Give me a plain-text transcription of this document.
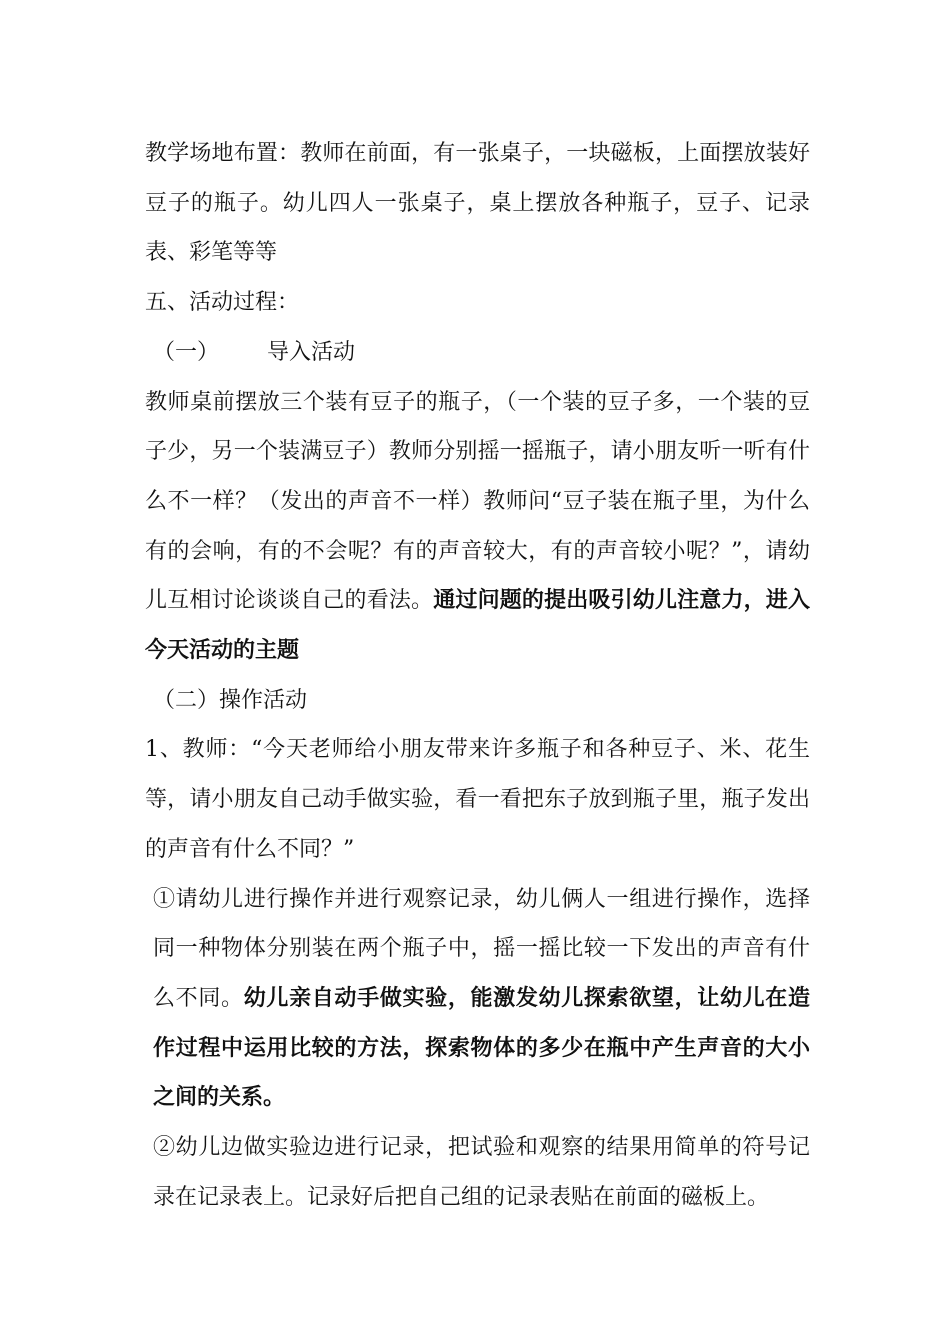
教学场地布置：教师在前面，有一张桌子，一块磁板，上面摆放装好豆子的瓶子。幼儿四人一张桌子，桌上摆放各种瓶子，豆子、记录表、彩笔等等

五、活动过程：

（一） 导入活动

教师桌前摆放三个装有豆子的瓶子，（一个装的豆子多，一个装的豆子少，另一个装满豆子）教师分别摇一摇瓶子，请小朋友听一听有什么不一样？（发出的声音不一样）教师问“豆子装在瓶子里，为什么有的会响，有的不会呢？有的声音较大，有的声音较小呢？”，请幼儿互相讨论谈谈自己的看法。通过问题的提出吸引幼儿注意力，进入今天活动的主题

（二）操作活动

1、教师：“今天老师给小朋友带来许多瓶子和各种豆子、米、花生等，请小朋友自己动手做实验，看一看把东子放到瓶子里，瓶子发出的声音有什么不同？”

①请幼儿进行操作并进行观察记录，幼儿俩人一组进行操作，选择同一种物体分别装在两个瓶子中，摇一摇比较一下发出的声音有什么不同。幼儿亲自动手做实验，能激发幼儿探索欲望，让幼儿在造作过程中运用比较的方法，探索物体的多少在瓶中产生声音的大小之间的关系。

②幼儿边做实验边进行记录，把试验和观察的结果用简单的符号记录在记录表上。记录好后把自己组的记录表贴在前面的磁板上。
